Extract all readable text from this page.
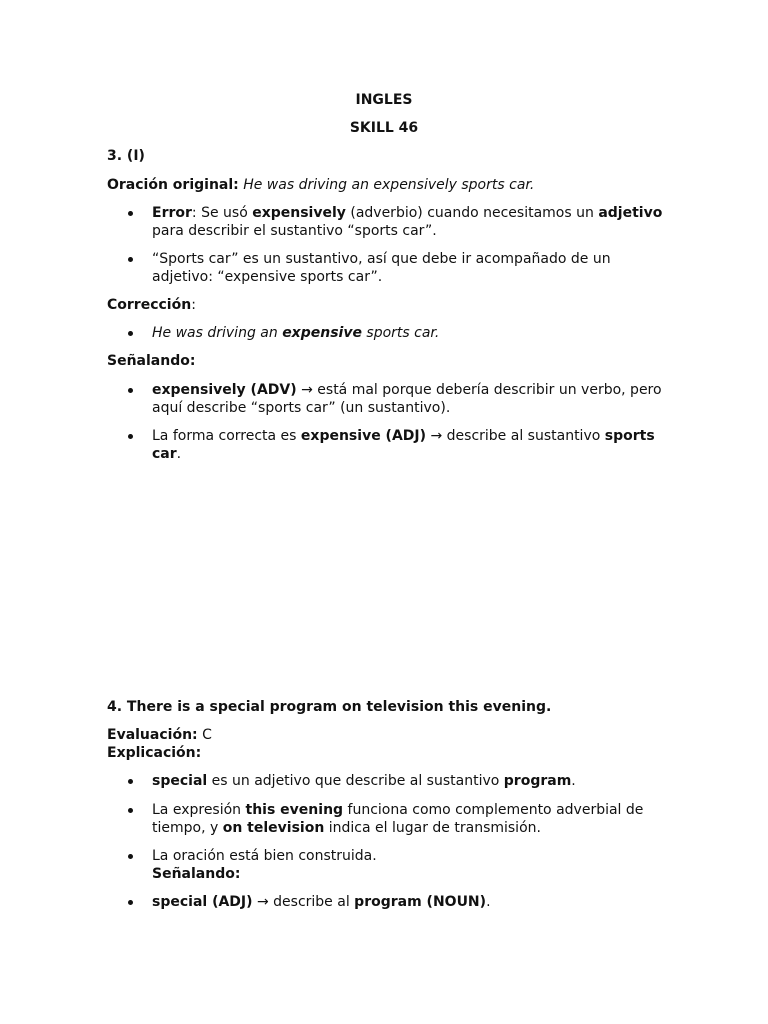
INGLES
SKILL 46
3. (I)
Oración original: He was driving an expensively sports car.
Error: Se usó expensively (adverbio) cuando necesitamos un adjetivo
para describir el sustantivo “sports car”.
“Sports car” es un sustantivo, así que debe ir acompañado de un
adjetivo: “expensive sports car”.
Corrección:
He was driving an expensive sports car.
Señalando:
expensively (ADV) → está mal porque debería describir un verbo, pero
aquí describe “sports car” (un sustantivo).
La forma correcta es expensive (ADJ) → describe al sustantivo sports
car.
4. There is a special program on television this evening.
Evaluación: C
Explicación:
special es un adjetivo que describe al sustantivo program.
La expresión this evening funciona como complemento adverbial de
tiempo, y on television indica el lugar de transmisión.
La oración está bien construida.
Señalando:
special (ADJ) → describe al program (NOUN).
